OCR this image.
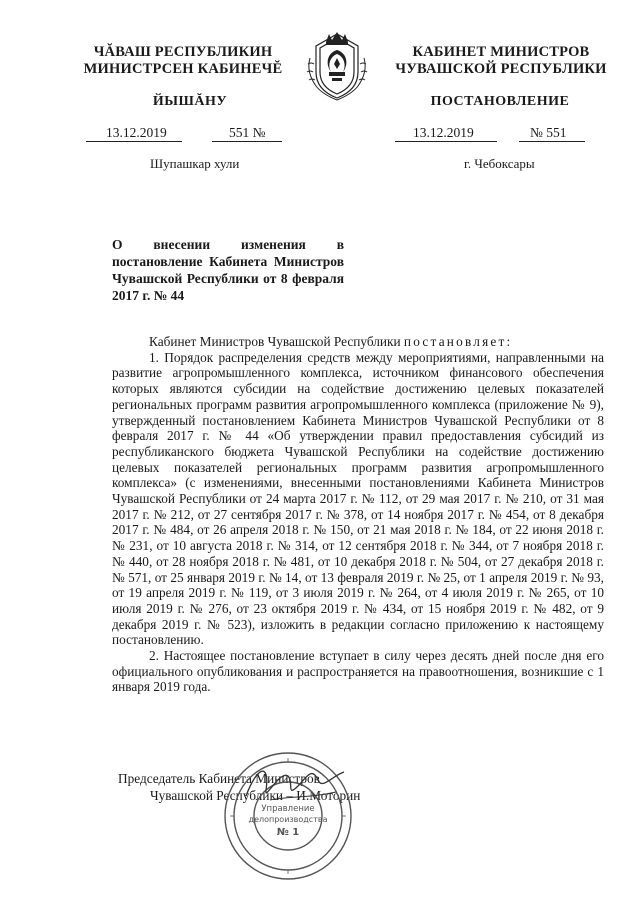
ЧĂВАШ РЕСПУБЛИКИН
МИНИСТРСЕН КАБИНЕЧĔ
КАБИНЕТ МИНИСТРОВ
ЧУВАШСКОЙ РЕСПУБЛИКИ
ЙЫШĂНУ	ПОСТАНОВЛЕНИЕ
13.12.2019	551 №	13.12.2019	№ 551
Шупашкар хули	г. Чебоксары
О внесении изменения в постановление Кабинета Министров Чувашской Республики от 8 февраля 2017 г. № 44

Кабинет Министров Чувашской Республики постановляет:

1. Порядок распределения средств между мероприятиями, направленными на развитие агропромышленного комплекса, источником финансового обеспечения которых являются субсидии на содействие достижению целевых показателей региональных программ развития агропромышленного комплекса (приложение № 9), утвержденный постановлением Кабинета Министров Чувашской Республики от 8 февраля 2017 г. № 44 «Об утверждении правил предоставления субсидий из республиканского бюджета Чувашской Республики на содействие достижению целевых показателей региональных программ развития агропромышленного комплекса» (с изменениями, внесенными постановлениями Кабинета Министров Чувашской Республики от 24 марта 2017 г. № 112, от 29 мая 2017 г. № 210, от 31 мая 2017 г. № 212, от 27 сентября 2017 г. № 378, от 14 ноября 2017 г. № 454, от 8 декабря 2017 г. № 484, от 26 апреля 2018 г. № 150, от 21 мая 2018 г. № 184, от 22 июня 2018 г. № 231, от 10 августа 2018 г. № 314, от 12 сентября 2018 г. № 344, от 7 ноября 2018 г. № 440, от 28 ноября 2018 г. № 481, от 10 декабря 2018 г. № 504, от 27 декабря 2018 г. № 571, от 25 января 2019 г. № 14, от 13 февраля 2019 г. № 25, от 1 апреля 2019 г. № 93, от 19 апреля 2019 г. № 119, от 3 июля 2019 г. № 264, от 4 июля 2019 г. № 265, от 10 июля 2019 г. № 276, от 23 октября 2019 г. № 434, от 15 ноября 2019 г. № 482, от 9 декабря 2019 г. № 523), изложить в редакции согласно приложению к настоящему постановлению.

2. Настоящее постановление вступает в силу через десять дней после дня его официального опубликования и распространяется на правоотношения, возникшие с 1 января 2019 года.

Председатель Кабинета Министров
Чувашской Республики – И.Моторин
Управление
делопроизводства
№ 1
